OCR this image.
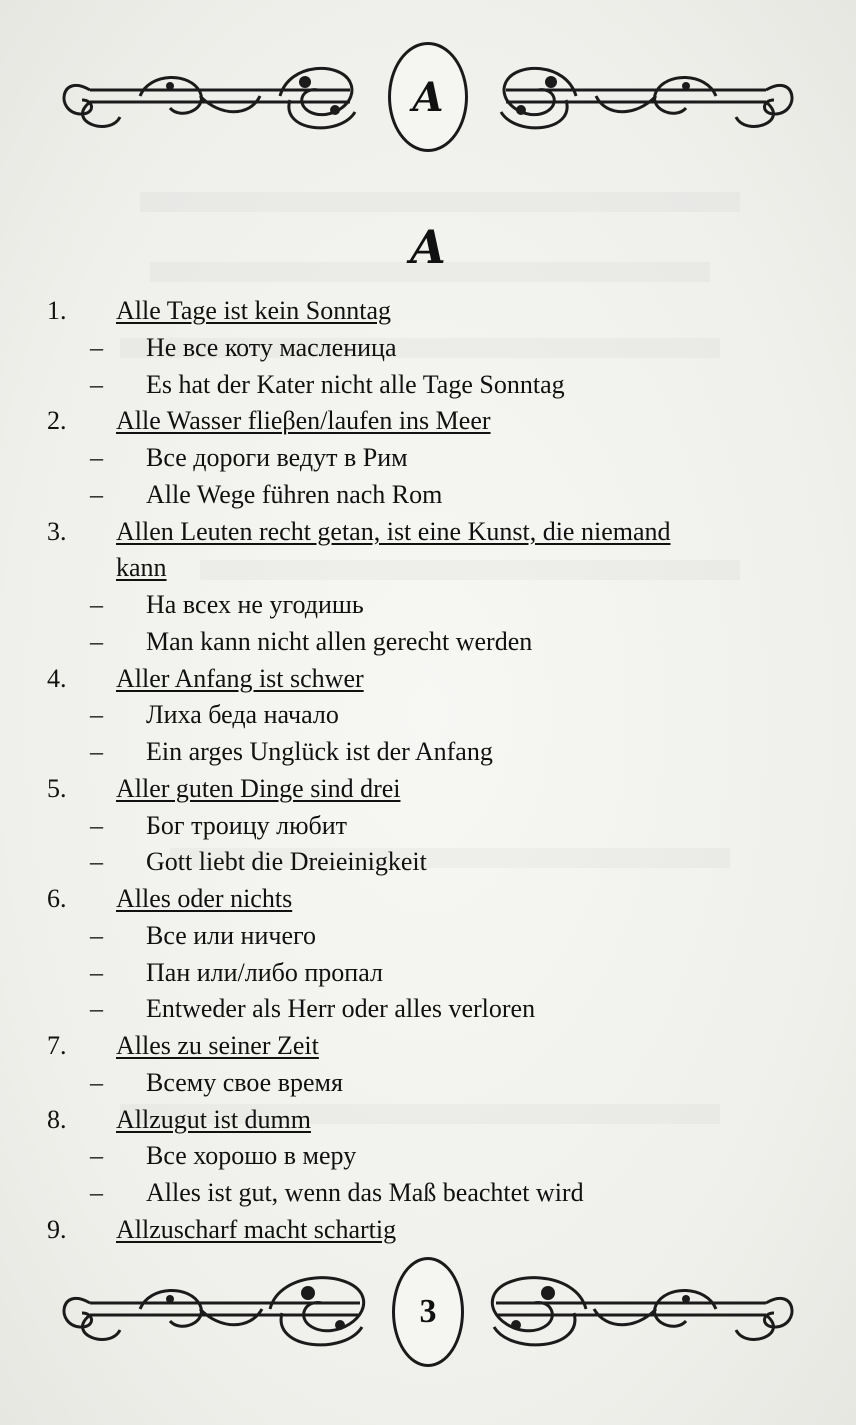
A
A
1. Alle Tage ist kein Sonntag
– Не все коту масленица
– Es hat der Kater nicht alle Tage Sonntag
2. Alle Wasser flieβen/laufen ins Meer
– Все дороги ведут в Рим
– Alle Wege führen nach Rom
3. Allen Leuten recht getan, ist eine Kunst, die niemand
kann
– На всех не угодишь
– Man kann nicht allen gerecht werden
4. Aller Anfang ist schwer
– Лиха беда начало
– Ein arges Unglück ist der Anfang
5. Aller guten Dinge sind drei
– Бог троицу любит
– Gott liebt die Dreieinigkeit
6. Alles oder nichts
– Все или ничего
– Пан или/либо пропал
– Entweder als Herr oder alles verloren
7. Alles zu seiner Zeit
– Всему свое время
8. Allzugut ist dumm
– Все хорошо в меру
– Alles ist gut, wenn das Maß beachtet wird
9. Allzuscharf macht schartig
3
